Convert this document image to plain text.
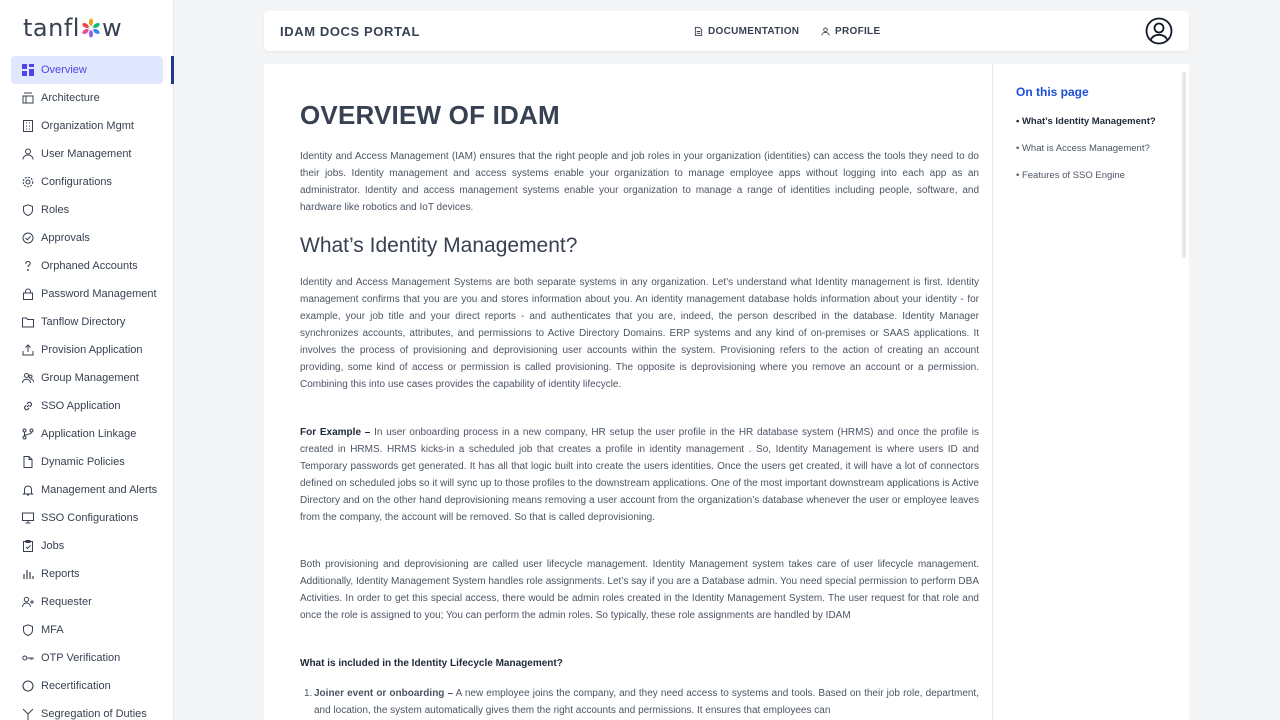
tanfl w
Overview
Architecture
Organization Mgmt
User Management
Configurations
Roles
Approvals
Orphaned Accounts
Password Management
Tanflow Directory
Provision Application
Group Management
SSO Application
Application Linkage
Dynamic Policies
Management and Alerts
SSO Configurations
Jobs
Reports
Requester
MFA
OTP Verification
Recertification
Segregation of Duties
IDAM DOCS PORTAL	DOCUMENTATION	PROFILE
OVERVIEW OF IDAM

Identity and Access Management (IAM) ensures that the right people and job roles in your organization (identities) can access the tools they need to do their jobs. Identity management and access systems enable your organization to manage employee apps without logging into each app as an administrator. Identity and access management systems enable your organization to manage a range of identities including people, software, and hardware like robotics and IoT devices.

What’s Identity Management?

Identity and Access Management Systems are both separate systems in any organization. Let’s understand what Identity management is first. Identity management confirms that you are you and stores information about you. An identity management database holds information about your identity - for example, your job title and your direct reports - and authenticates that you are, indeed, the person described in the database. Identity Manager synchronizes accounts, attributes, and permissions to Active Directory Domains. ERP systems and any kind of on-premises or SAAS applications. It involves the process of provisioning and deprovisioning user accounts within the system. Provisioning refers to the action of creating an account providing, some kind of access or permission is called provisioning. The opposite is deprovisioning where you remove an account or a permission. Combining this into use cases provides the capability of identity lifecycle.

For Example – In user onboarding process in a new company, HR setup the user profile in the HR database system (HRMS) and once the profile is created in HRMS. HRMS kicks-in a scheduled job that creates a profile in identity management . So, Identity Management is where users ID and Temporary passwords get generated. It has all that logic built into create the users identities. Once the users get created, it will have a lot of connectors defined on scheduled jobs so it will sync up to those profiles to the downstream applications. One of the most important downstream applications is Active Directory and on the other hand deprovisioning means removing a user account from the organization’s database whenever the user or employee leaves from the company, the account will be removed. So that is called deprovisioning.

Both provisioning and deprovisioning are called user lifecycle management. Identity Management system takes care of user lifecycle management. Additionally, Identity Management System handles role assignments. Let’s say if you are a Database admin. You need special permission to perform DBA Activities. In order to get this special access, there would be admin roles created in the Identity Management System. The user request for that role and once the role is assigned to you; You can perform the admin roles. So typically, these role assignments are handled by IDAM

What is included in the Identity Lifecycle Management?
1. Joiner event or onboarding – A new employee joins the company, and they need access to systems and tools. Based on their job role, department, and location, the system automatically gives them the right accounts and permissions. It ensures that employees can
On this page
• What’s Identity Management?
• What is Access Management?
• Features of SSO Engine
